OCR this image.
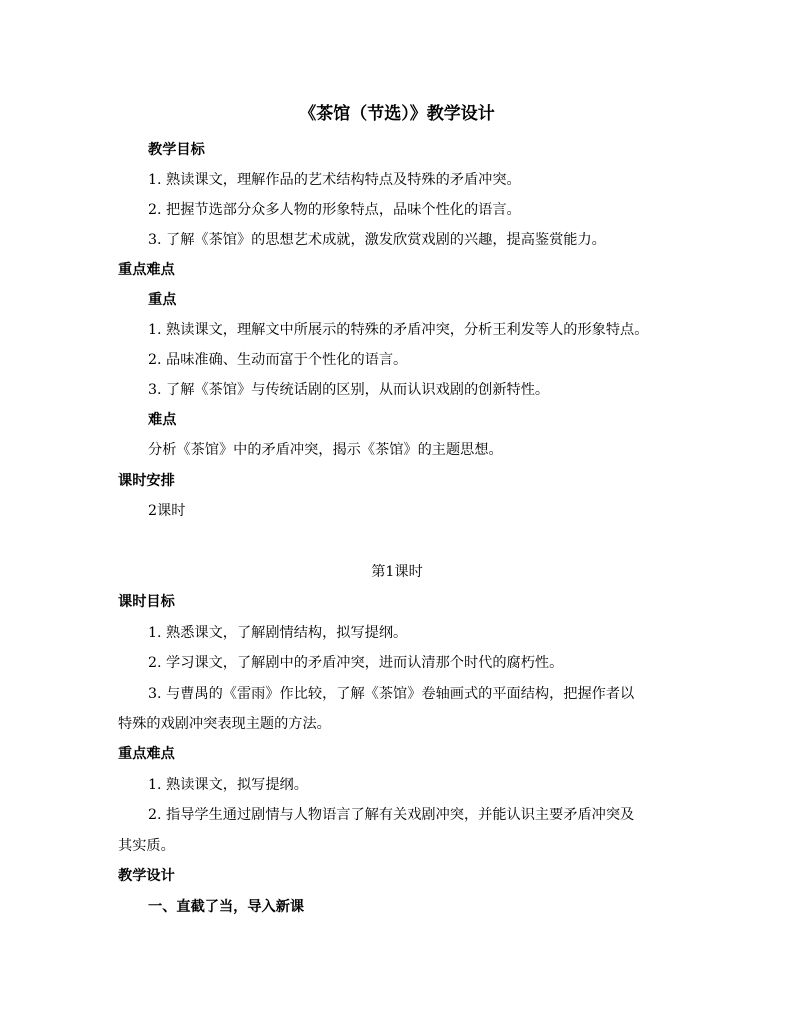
《茶馆（节选）》教学设计
教学目标
1. 熟读课文，理解作品的艺术结构特点及特殊的矛盾冲突。
2. 把握节选部分众多人物的形象特点，品味个性化的语言。
3. 了解《茶馆》的思想艺术成就，激发欣赏戏剧的兴趣，提高鉴赏能力。
重点难点
重点
1. 熟读课文，理解文中所展示的特殊的矛盾冲突，分析王利发等人的形象特点。
2. 品味准确、生动而富于个性化的语言。
3. 了解《茶馆》与传统话剧的区别，从而认识戏剧的创新特性。
难点
分析《茶馆》中的矛盾冲突，揭示《茶馆》的主题思想。
课时安排
2课时
第1课时
课时目标
1. 熟悉课文，了解剧情结构，拟写提纲。
2. 学习课文，了解剧中的矛盾冲突，进而认清那个时代的腐朽性。
3. 与曹禺的《雷雨》作比较，了解《茶馆》卷轴画式的平面结构，把握作者以
特殊的戏剧冲突表现主题的方法。
重点难点
1. 熟读课文，拟写提纲。
2. 指导学生通过剧情与人物语言了解有关戏剧冲突，并能认识主要矛盾冲突及
其实质。
教学设计
一、直截了当，导入新课
